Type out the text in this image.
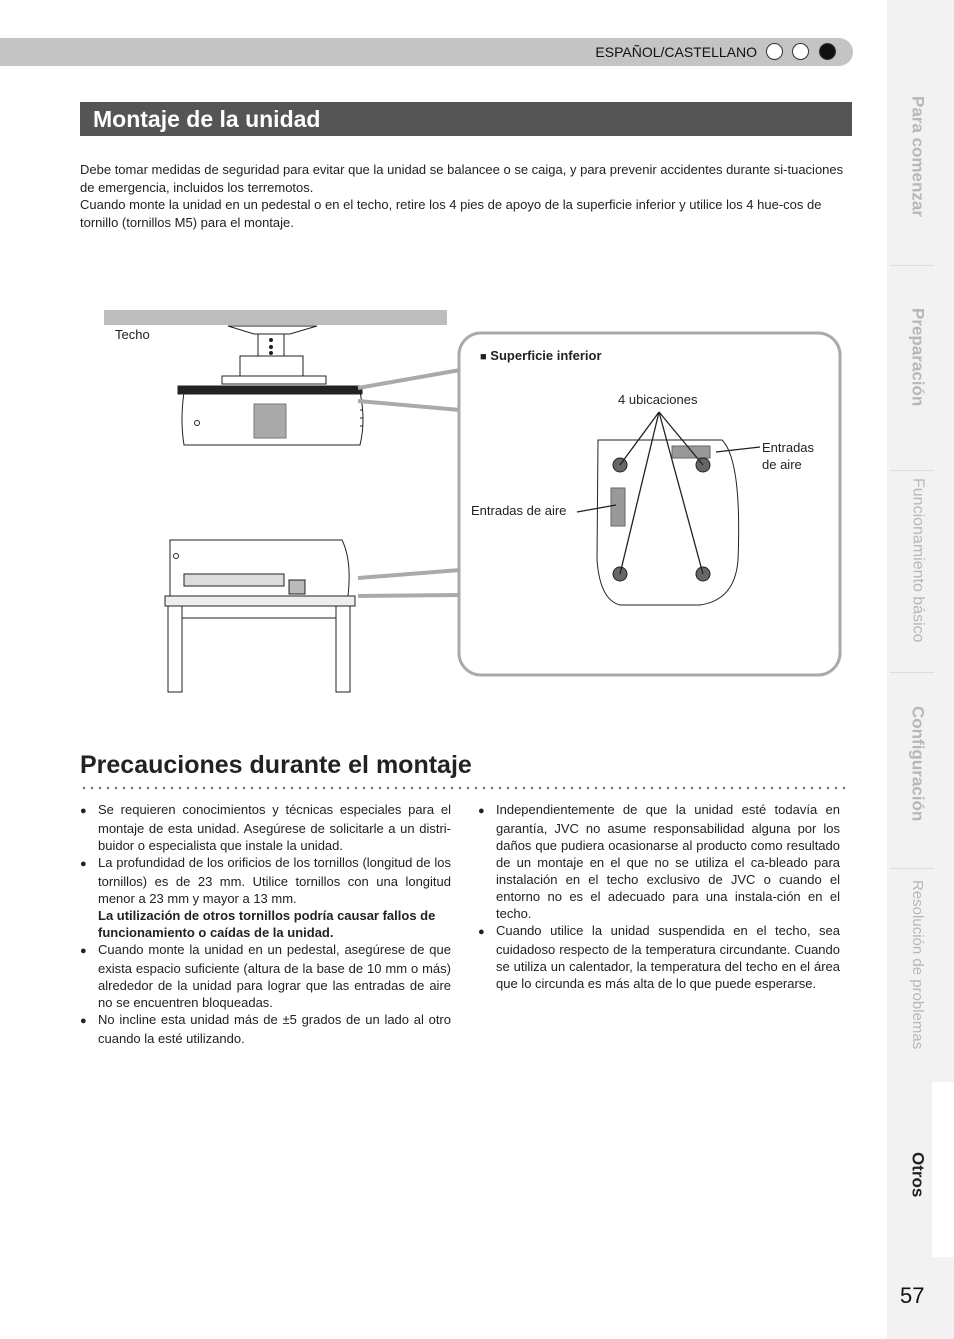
Para comenzar
Preparación
Funcionamiento básico
Configuración
Resolución de problemas
Otros
57
ESPAÑOL/CASTELLANO
Montaje de la unidad
Debe tomar medidas de seguridad para evitar que la unidad se balancee o se caiga, y para prevenir accidentes durante si-tuaciones de emergencia, incluidos los terremotos.
Cuando monte la unidad en un pedestal o en el techo, retire los 4 pies de apoyo de la superficie inferior y utilice los 4 hue-cos de tornillo (tornillos M5) para el montaje.
Techo
■ Superficie inferior
4 ubicaciones
Entradas de aire
Entradas
de aire
Precauciones durante el montaje

● Se requieren conocimientos y técnicas especiales para el montaje de esta unidad. Asegúrese de solicitarle a un distri-buidor o especialista que instale la unidad.

● La profundidad de los orificios de los tornillos (longitud de los tornillos) es de 23 mm. Utilice tornillos con una longitud menor a 23 mm y mayor a 13 mm.

La utilización de otros tornillos podría causar fallos de funcionamiento o caídas de la unidad.

● Cuando monte la unidad en un pedestal, asegúrese de que exista espacio suficiente (altura de la base de 10 mm o más) alrededor de la unidad para lograr que las entradas de aire no se encuentren bloqueadas.

● No incline esta unidad más de ±5 grados de un lado al otro cuando la esté utilizando.

● Independientemente de que la unidad esté todavía en garantía, JVC no asume responsabilidad alguna por los daños que pudiera ocasionarse al producto como resultado de un montaje en el que no se utiliza el ca-bleado para instalación en el techo exclusivo de JVC o cuando el entorno no es el adecuado para una instala-ción en el techo.

● Cuando utilice la unidad suspendida en el techo, sea cuidadoso respecto de la temperatura circundante. Cuando se utiliza un calentador, la temperatura del techo en el área que lo circunda es más alta de lo que puede esperarse.
